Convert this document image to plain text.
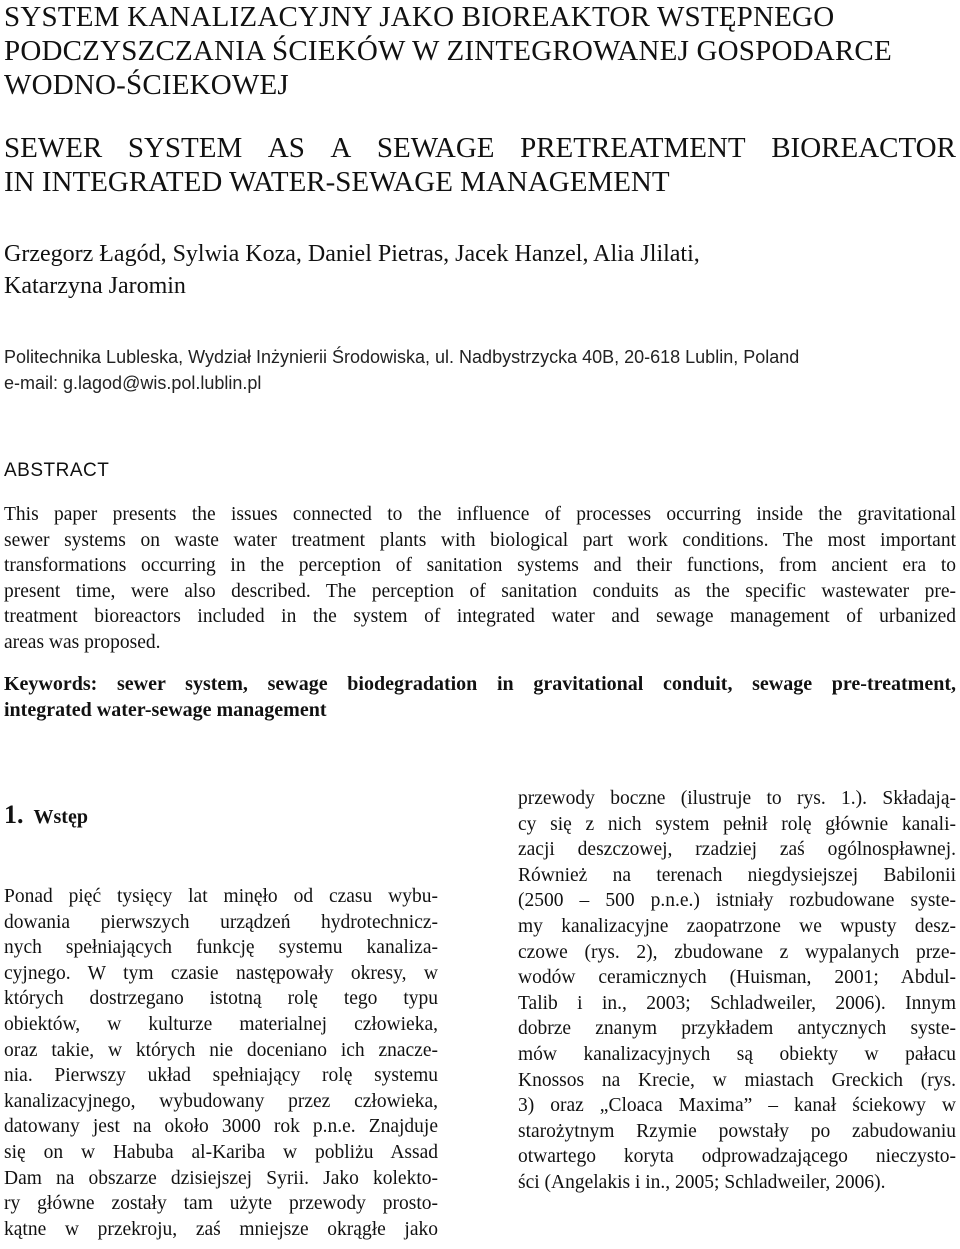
SYSTEM KANALIZACYJNY JAKO BIOREAKTOR WSTĘPNEGO
PODCZYSZCZANIA ŚCIEKÓW W ZINTEGROWANEJ GOSPODARCE
WODNO-ŚCIEKOWEJ
SEWER SYSTEM AS A SEWAGE PRETREATMENT BIOREACTOR
IN INTEGRATED WATER-SEWAGE MANAGEMENT
Grzegorz Łagód, Sylwia Koza, Daniel Pietras, Jacek Hanzel, Alia Jlilati,
Katarzyna Jaromin
Politechnika Lubleska, Wydział Inżynierii Środowiska, ul. Nadbystrzycka 40B, 20-618 Lublin, Poland
e-mail: g.lagod@wis.pol.lublin.pl
ABSTRACT
This paper presents the issues connected to the influence of processes occurring inside the gravitational
sewer systems on waste water treatment plants with biological part work conditions. The most important
transformations occurring in the perception of sanitation systems and their functions, from ancient era to
present time, were also described. The perception of sanitation conduits as the specific wastewater pre-
treatment bioreactors included in the system of integrated water and sewage management of urbanized
areas was proposed.
Keywords: sewer system, sewage biodegradation in gravitational conduit, sewage pre-treatment,
integrated water-sewage management
1. Wstęp
Ponad pięć tysięcy lat minęło od czasu wybu-
dowania pierwszych urządzeń hydrotechnicz-
nych spełniających funkcję systemu kanaliza-
cyjnego. W tym czasie następowały okresy, w
których dostrzegano istotną rolę tego typu
obiektów, w kulturze materialnej człowieka,
oraz takie, w których nie doceniano ich znacze-
nia. Pierwszy układ spełniający rolę systemu
kanalizacyjnego, wybudowany przez człowieka,
datowany jest na około 3000 rok p.n.e. Znajduje
się on w Habuba al-Kariba w pobliżu Assad
Dam na obszarze dzisiejszej Syrii. Jako kolekto-
ry główne zostały tam użyte przewody prosto-
kątne w przekroju, zaś mniejsze okrągłe jako
przewody boczne (ilustruje to rys. 1.). Składają-
cy się z nich system pełnił rolę głównie kanali-
zacji deszczowej, rzadziej zaś ogólnospławnej.
Również na terenach niegdysiejszej Babilonii
(2500 – 500 p.n.e.) istniały rozbudowane syste-
my kanalizacyjne zaopatrzone we wpusty desz-
czowe (rys. 2), zbudowane z wypalanych prze-
wodów ceramicznych (Huisman, 2001; Abdul-
Talib i in., 2003; Schladweiler, 2006). Innym
dobrze znanym przykładem antycznych syste-
mów kanalizacyjnych są obiekty w pałacu
Knossos na Krecie, w miastach Greckich (rys.
3) oraz „Cloaca Maxima” – kanał ściekowy w
starożytnym Rzymie powstały po zabudowaniu
otwartego koryta odprowadzającego nieczysto-
ści (Angelakis i in., 2005; Schladweiler, 2006).
